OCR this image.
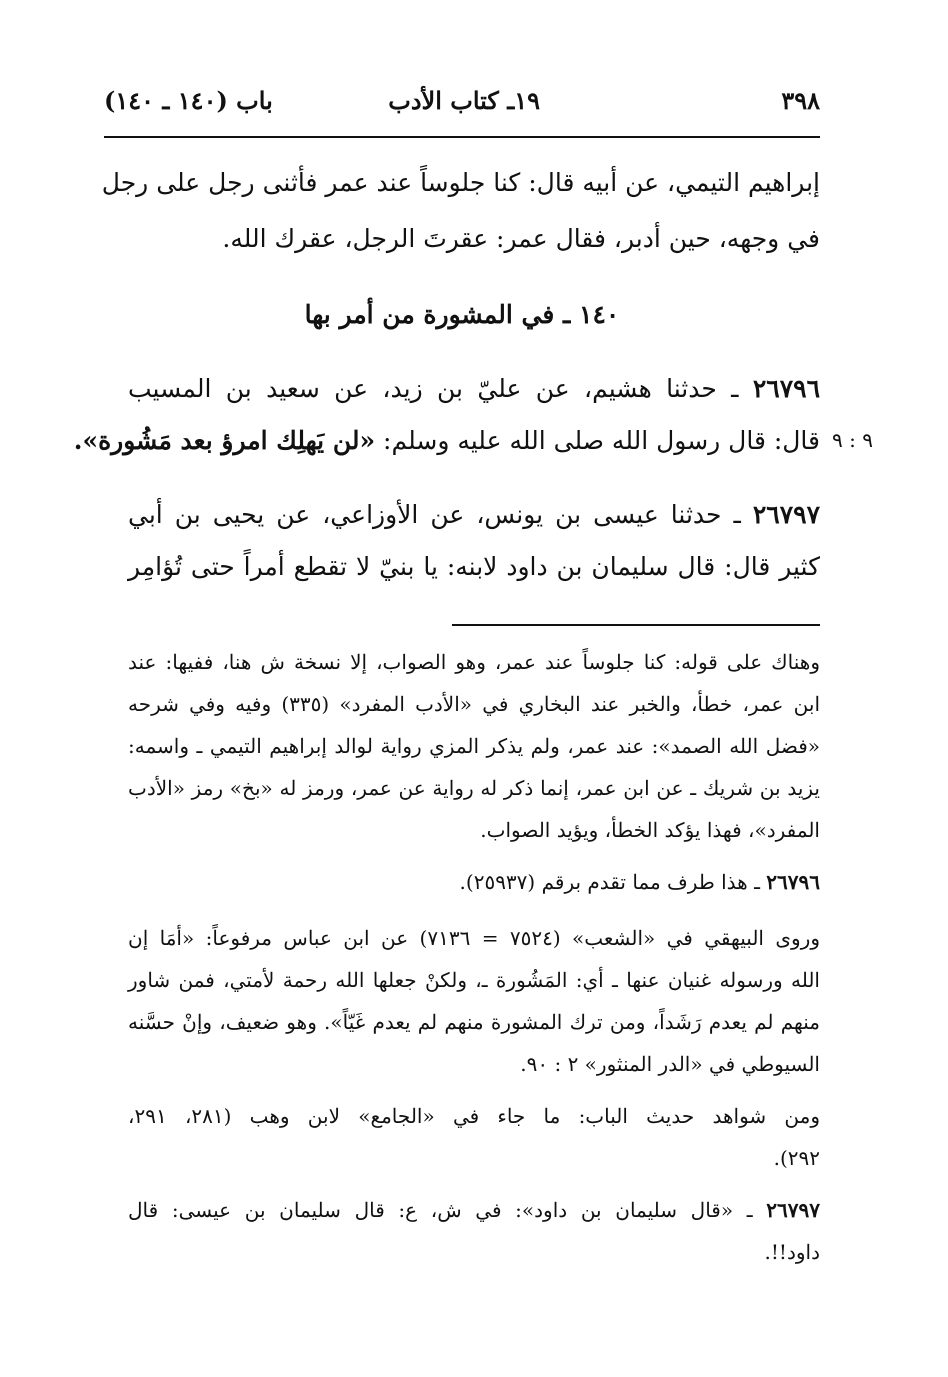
٣٩٨
١٩ـ كتاب الأدب
باب (١٤٠ ـ ١٤٠)
إبراهيم التيمي، عن أبيه قال: كنا جلوساً عند عمر فأثنى رجل على رجل
في وجهه، حين أدبر، فقال عمر: عقرتَ الرجل، عقرك الله.
١٤٠ ـ في المشورة من أمر بها
٢٦٧٩٦ ـ حدثنا هشيم، عن عليّ بن زيد، عن سعيد بن المسيب
قال: قال رسول الله صلى الله عليه وسلم: «لن يَهلِك امرؤ بعد مَشُورة».	٩ : ٩
٢٦٧٩٧ ـ حدثنا عيسى بن يونس، عن الأوزاعي، عن يحيى بن أبي
كثير قال: قال سليمان بن داود لابنه: يا بنيّ لا تقطع أمراً حتى تُؤامِر
وهناك على قوله: كنا جلوساً عند عمر، وهو الصواب، إلا نسخة ش هنا، ففيها: عند
ابن عمر، خطأ، والخبر عند البخاري في «الأدب المفرد» (٣٣٥) وفيه وفي شرحه
«فضل الله الصمد»: عند عمر، ولم يذكر المزي رواية لوالد إبراهيم التيمي ـ واسمه:
يزيد بن شريك ـ عن ابن عمر، إنما ذكر له رواية عن عمر، ورمز له «بخ» رمز «الأدب
المفرد»، فهذا يؤكد الخطأ، ويؤيد الصواب.
٢٦٧٩٦ ـ هذا طرف مما تقدم برقم (٢٥٩٣٧).
وروى البيهقي في «الشعب» (٧٥٢٤ = ٧١٣٦) عن ابن عباس مرفوعاً: «أمَا إن
الله ورسوله غنيان عنها ـ أي: المَشُورة ـ، ولكنْ جعلها الله رحمة لأمتي، فمن شاور
منهم لم يعدم رَشَداً، ومن ترك المشورة منهم لم يعدم غَيّاً». وهو ضعيف، وإنْ حسَّنه
السيوطي في «الدر المنثور» ٢ : ٩٠.
ومن شواهد حديث الباب: ما جاء في «الجامع» لابن وهب (٢٨١، ٢٩١،
٢٩٢).
٢٦٧٩٧ ـ «قال سليمان بن داود»: في ش، ع: قال سليمان بن عيسى: قال
داود!!.
